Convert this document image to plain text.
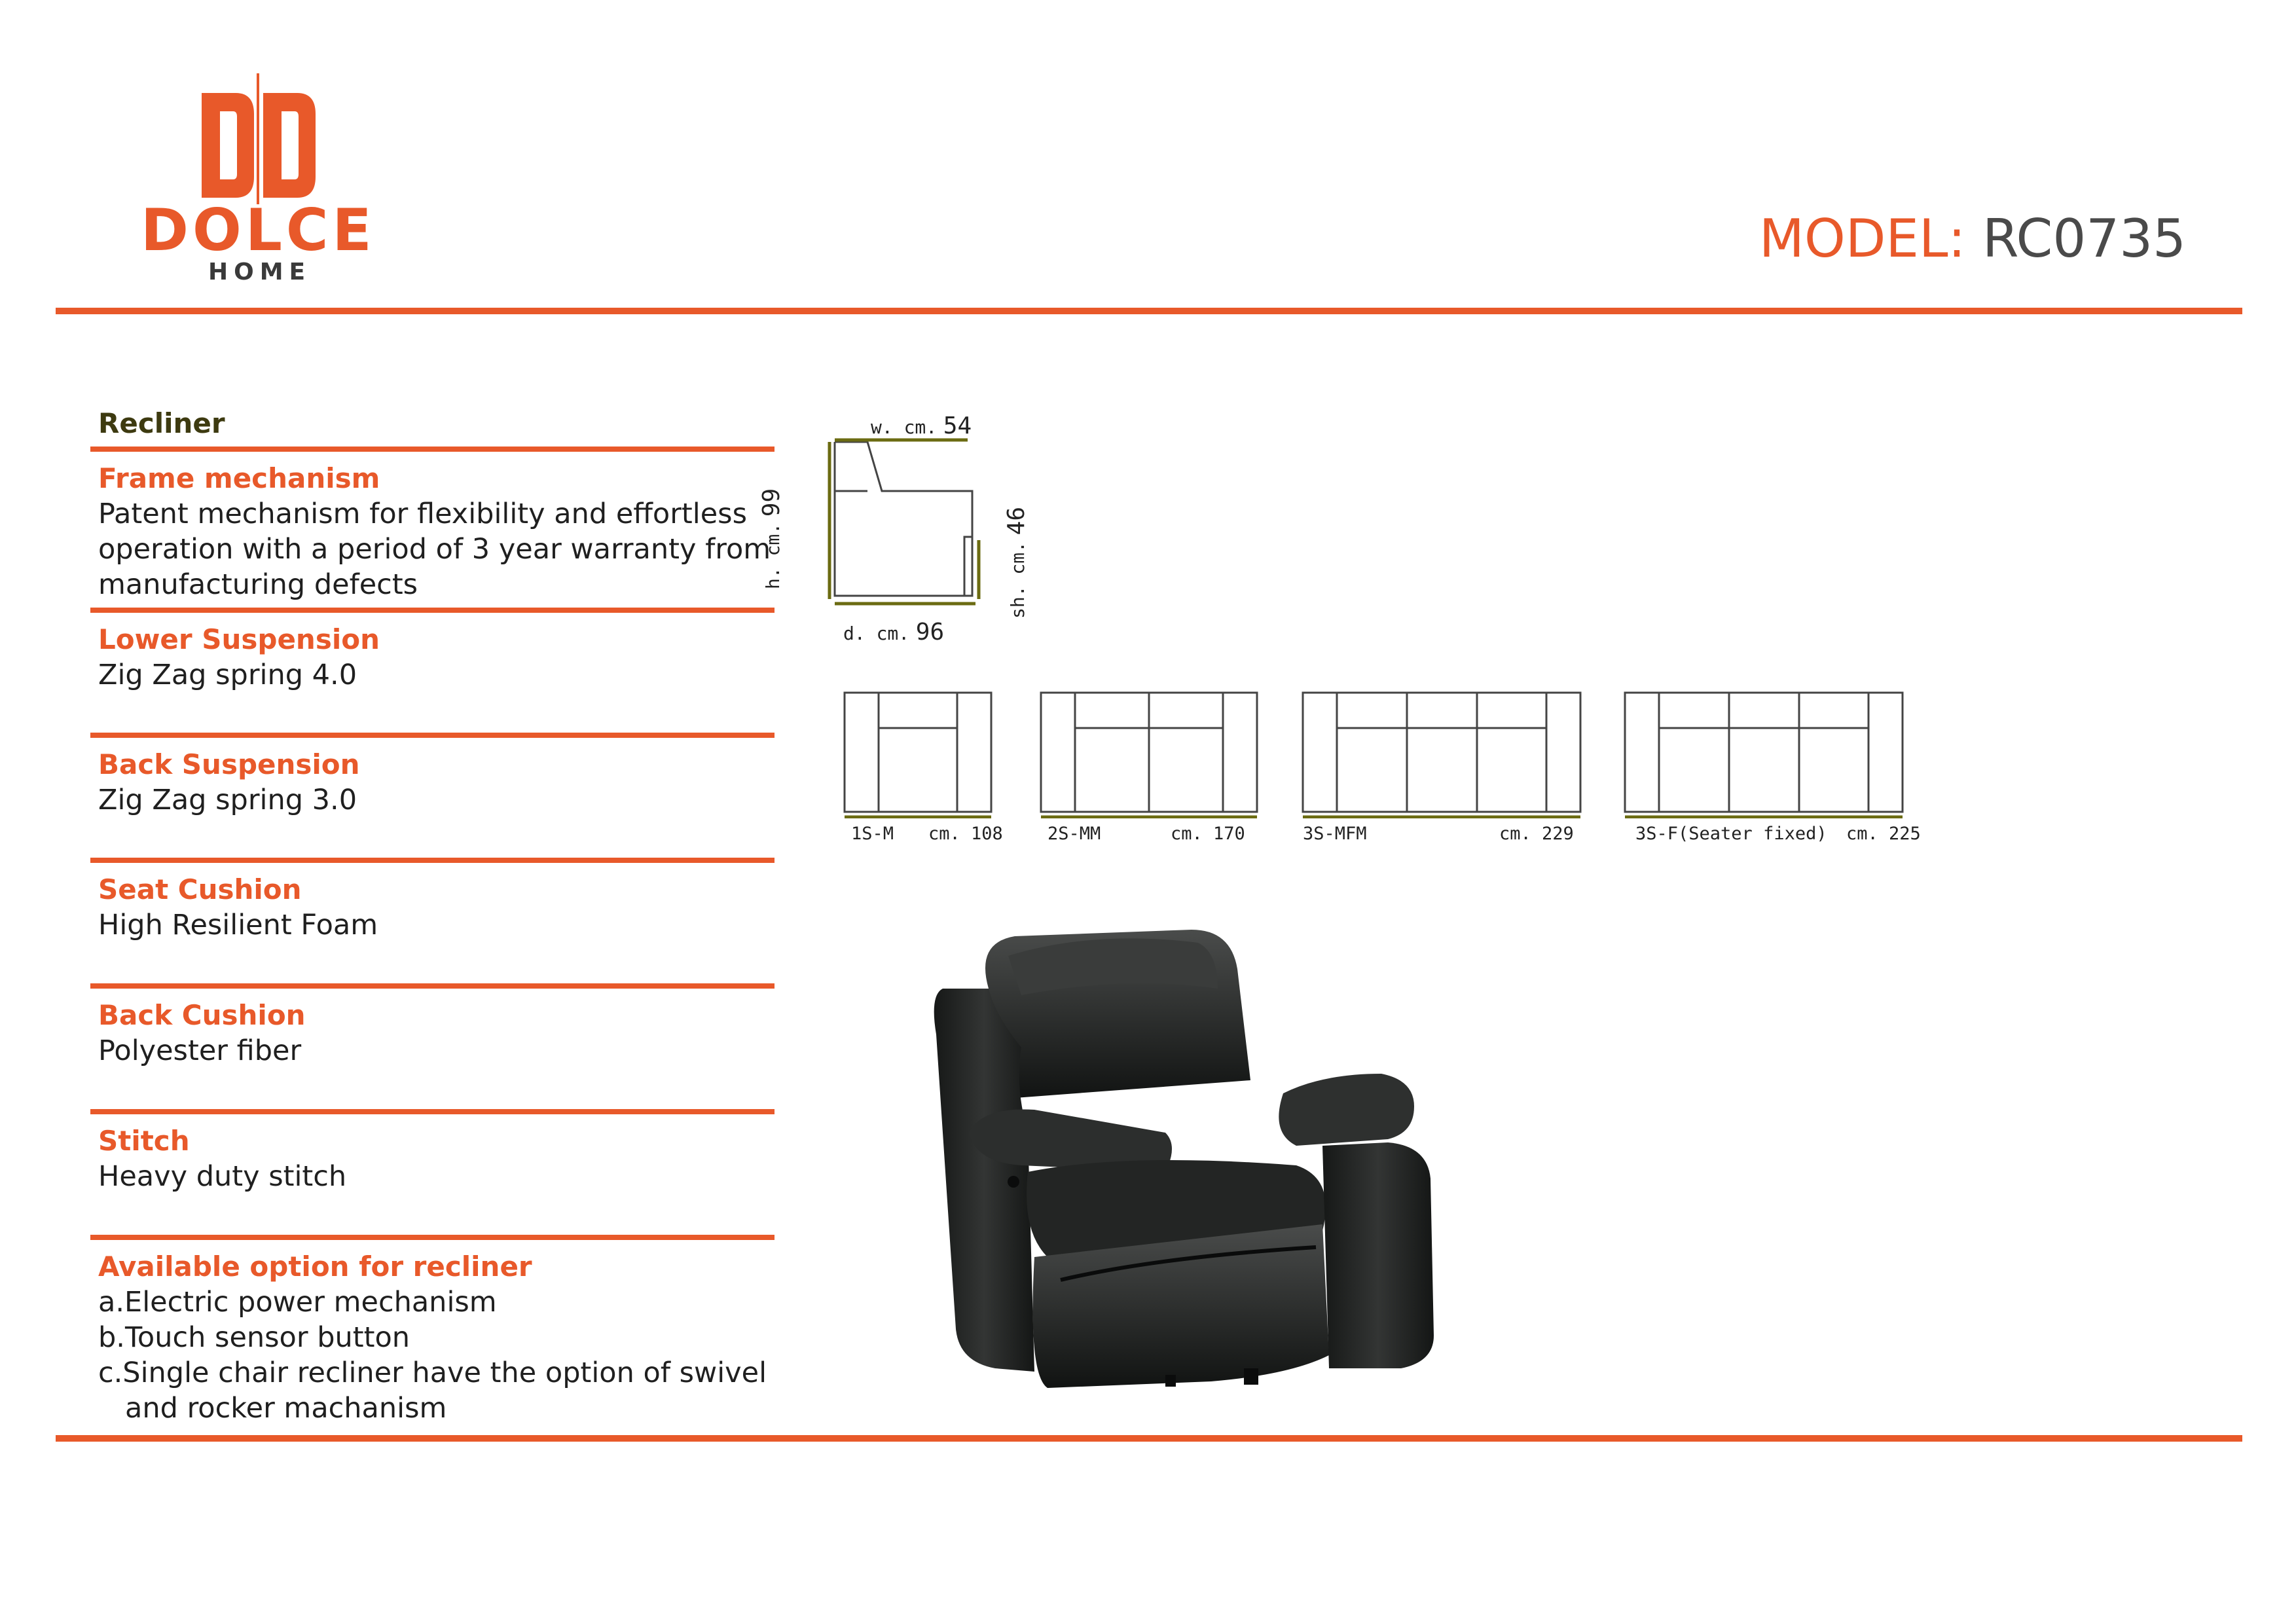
DOLCE
HOME
MODEL: RC0735
Recliner
Frame mechanism
Patent mechanism for flexibility and effortless
operation with a period of 3 year warranty from
manufacturing defects
Lower Suspension
Zig Zag spring 4.0
Back Suspension
Zig Zag spring 3.0
Seat Cushion
High Resilient Foam
Back Cushion
Polyester fiber
Stitch
Heavy duty stitch
Available option for recliner
a.Electric power mechanism
b.Touch sensor button
c.Single chair recliner have the option of swivel
and rocker machanism
w. cm. 54
h. cm. 99
sh. cm. 46
d. cm. 96
1S-M cm. 108	2S-MM	cm. 170	3S-MFM	cm. 229	3S-F(Seater fixed) cm. 225
